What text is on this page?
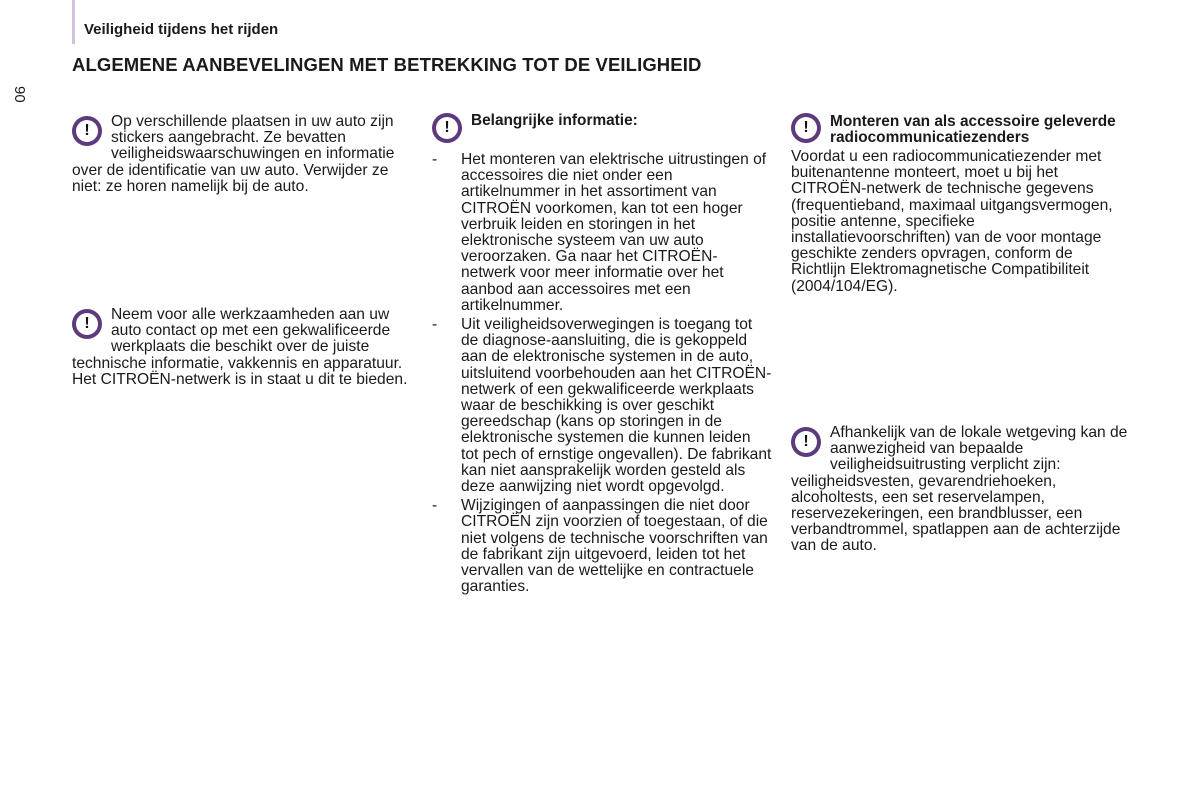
90
Veiligheid tijdens het rijden
ALGEMENE AANBEVELINGEN MET BETREKKING TOT DE VEILIGHEID
!
Op verschillende plaatsen in uw auto zijn stickers aangebracht. Ze bevatten veiligheidswaarschuwingen en informatie over de identificatie van uw auto. Verwijder ze niet: ze horen namelijk bij de auto.
!
Neem voor alle werkzaamheden aan uw auto contact op met een gekwalificeerde werkplaats die beschikt over de juiste technische informatie, vakkennis en apparatuur. Het CITROËN-netwerk is in staat u dit te bieden.
!	Belangrijke informatie:
- Het monteren van elektrische uitrustingen of accessoires die niet onder een artikelnummer in het assortiment van CITROËN voorkomen, kan tot een hoger verbruik leiden en storingen in het elektronische systeem van uw auto veroorzaken. Ga naar het CITROËN-netwerk voor meer informatie over het aanbod aan accessoires met een artikelnummer.
- Uit veiligheidsoverwegingen is toegang tot de diagnose-aansluiting, die is gekoppeld aan de elektronische systemen in de auto, uitsluitend voorbehouden aan het CITROËN-netwerk of een gekwalificeerde werkplaats waar de beschikking is over geschikt gereedschap (kans op storingen in de elektronische systemen die kunnen leiden tot pech of ernstige ongevallen). De fabrikant kan niet aansprakelijk worden gesteld als deze aanwijzing niet wordt opgevolgd.
- Wijzigingen of aanpassingen die niet door CITROËN zijn voorzien of toegestaan, of die niet volgens de technische voorschriften van de fabrikant zijn uitgevoerd, leiden tot het vervallen van de wettelijke en contractuele garanties.
!	Monteren van als accessoire geleverde radiocommunicatiezenders
Voordat u een radiocommunicatiezender met buitenantenne monteert, moet u bij het CITROËN-netwerk de technische gegevens (frequentieband, maximaal uitgangsvermogen, positie antenne, specifieke installatievoorschriften) van de voor montage geschikte zenders opvragen, conform de Richtlijn Elektromagnetische Compatibiliteit (2004/104/EG).
!
Afhankelijk van de lokale wetgeving kan de aanwezigheid van bepaalde veiligheidsuitrusting verplicht zijn: veiligheidsvesten, gevarendriehoeken, alcoholtests, een set reservelampen, reservezekeringen, een brandblusser, een verbandtrommel, spatlappen aan de achterzijde van de auto.
